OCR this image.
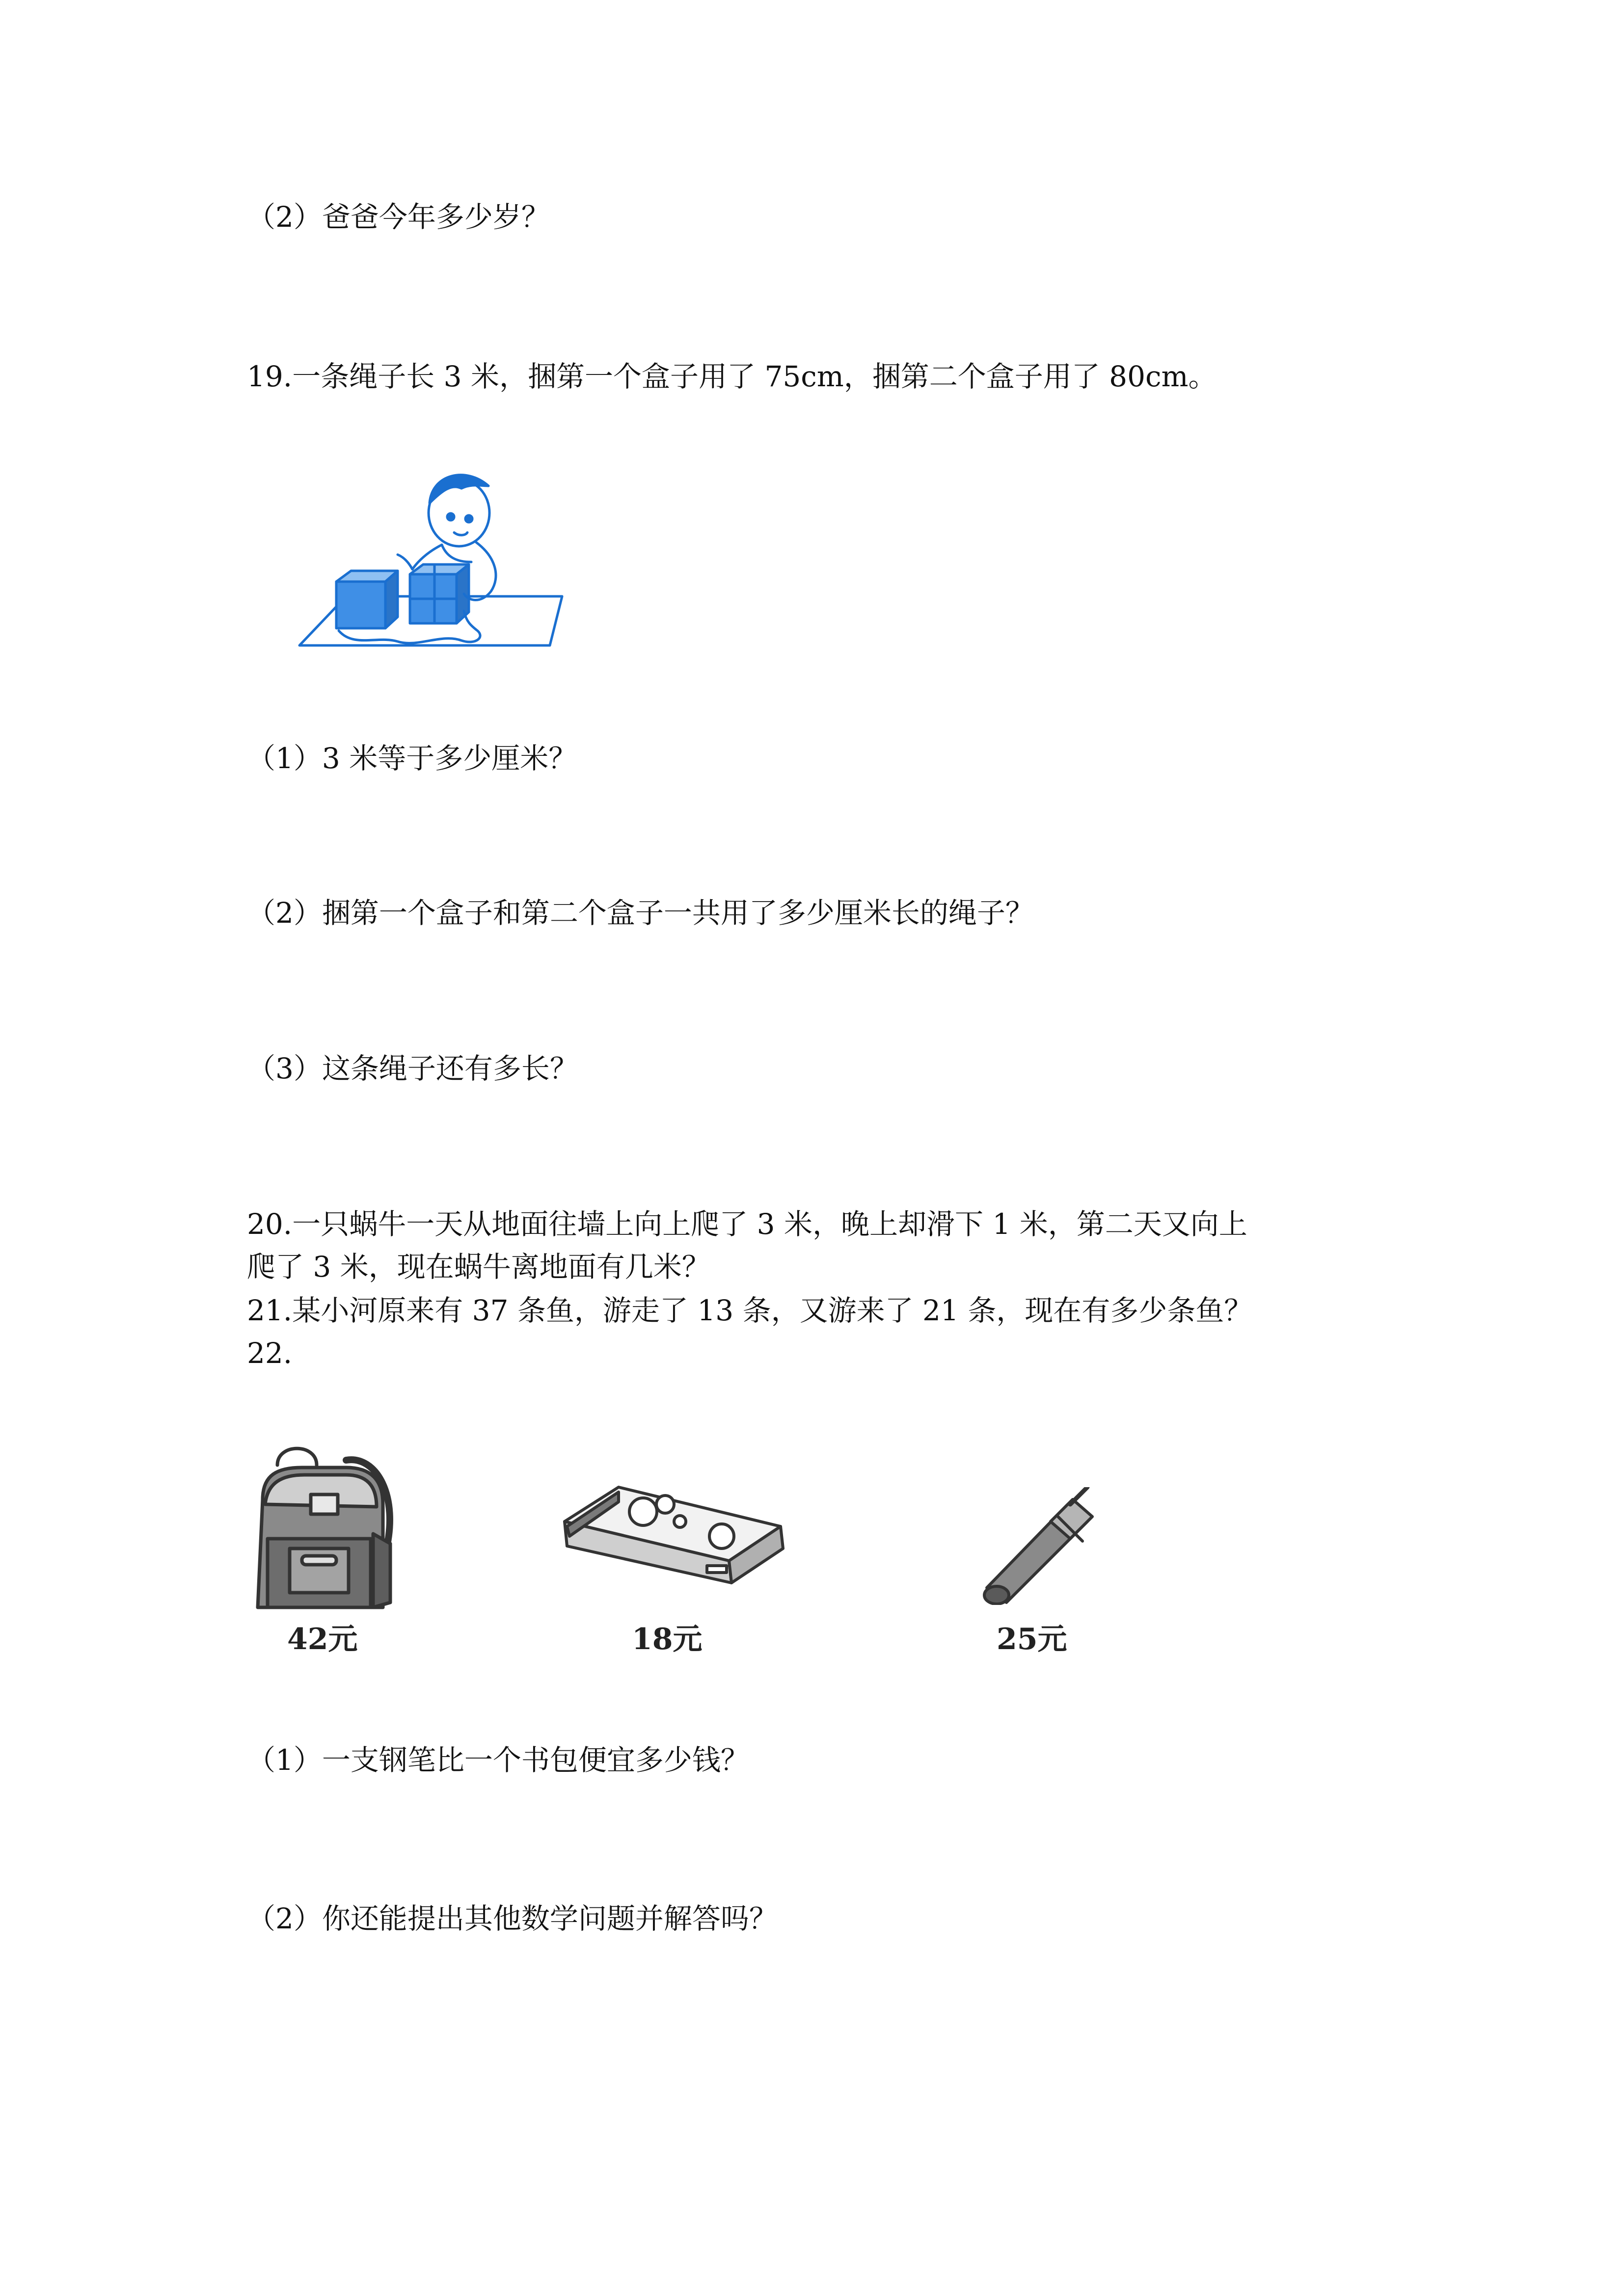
（2）爸爸今年多少岁？
19.一条绳子长 3 米，捆第一个盒子用了 75cm，捆第二个盒子用了 80cm。
（1）3 米等于多少厘米？
（2）捆第一个盒子和第二个盒子一共用了多少厘米长的绳子？
（3）这条绳子还有多长？
20.一只蜗牛一天从地面往墙上向上爬了 3 米，晚上却滑下 1 米，第二天又向上
爬了 3 米，现在蜗牛离地面有几米？
21.某小河原来有 37 条鱼，游走了 13 条，又游来了 21 条，现在有多少条鱼？
22.
42元	18元	25元
（1）一支钢笔比一个书包便宜多少钱？
（2）你还能提出其他数学问题并解答吗？
